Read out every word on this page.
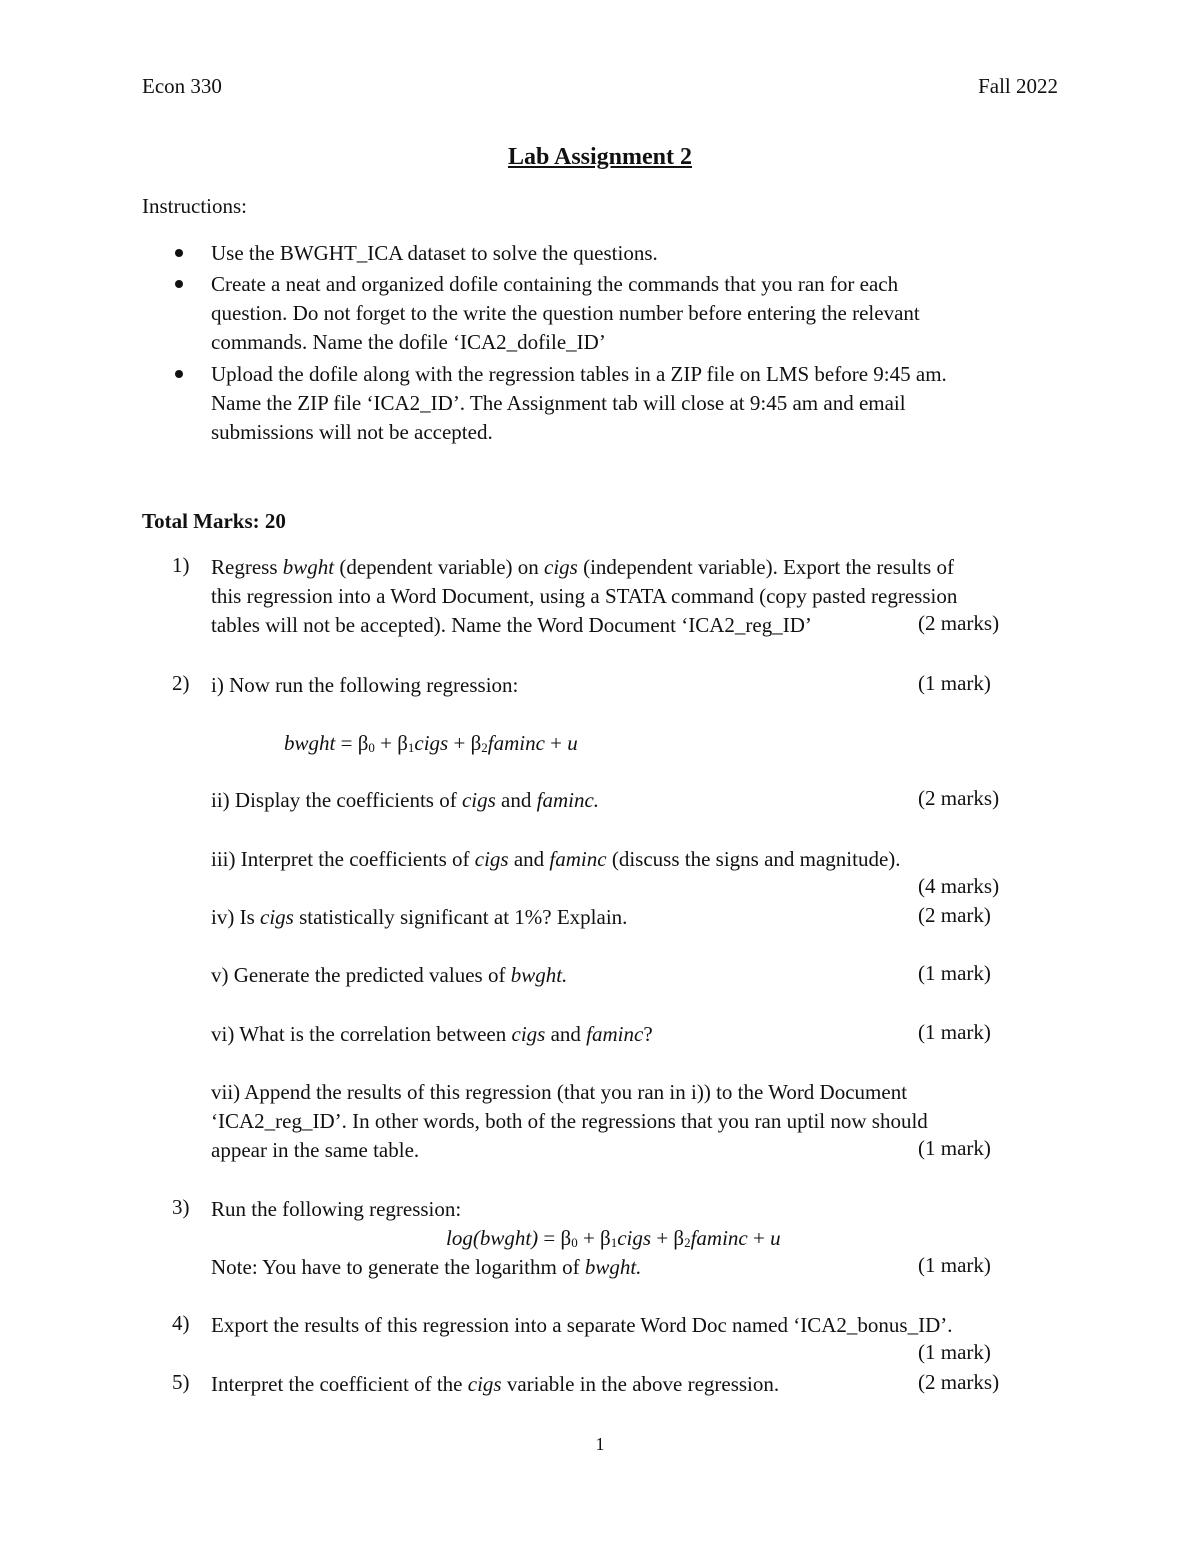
Econ 330	Fall 2022
Lab Assignment 2
Instructions:
Use the BWGHT_ICA dataset to solve the questions.
Create a neat and organized dofile containing the commands that you ran for each
question. Do not forget to the write the question number before entering the relevant
commands. Name the dofile ‘ICA2_dofile_ID’
Upload the dofile along with the regression tables in a ZIP file on LMS before 9:45 am.
Name the ZIP file ‘ICA2_ID’. The Assignment tab will close at 9:45 am and email
submissions will not be accepted.
Total Marks: 20
1) Regress bwght (dependent variable) on cigs (independent variable). Export the results of
this regression into a Word Document, using a STATA command (copy pasted regression
tables will not be accepted). Name the Word Document ‘ICA2_reg_ID’	(2 marks)
2) i) Now run the following regression:	(1 mark)
bwght = $\beta_0$ + $\beta_1cigs + \beta_2faminc + u$
ii) Display the coefficients of cigs and faminc.	(2 marks)
iii) Interpret the coefficients of cigs and faminc (discuss the signs and magnitude).
(4 marks)
iv) Is cigs statistically significant at 1%? Explain.	(2 mark)
v) Generate the predicted values of bwght.	(1 mark)
vi) What is the correlation between cigs and faminc?	(1 mark)
vii) Append the results of this regression (that you ran in i)) to the Word Document
‘ICA2_reg_ID’. In other words, both of the regressions that you ran uptil now should
appear in the same table.	(1 mark)
3) Run the following regression:
log(bwght) = $\beta_0$ + $\beta_1cigs + \beta_2faminc + u$
Note: You have to generate the logarithm of bwght.	(1 mark)
4) Export the results of this regression into a separate Word Doc named ‘ICA2_bonus_ID’.
(1 mark)
5) Interpret the coefficient of the cigs variable in the above regression.	(2 marks)
1
